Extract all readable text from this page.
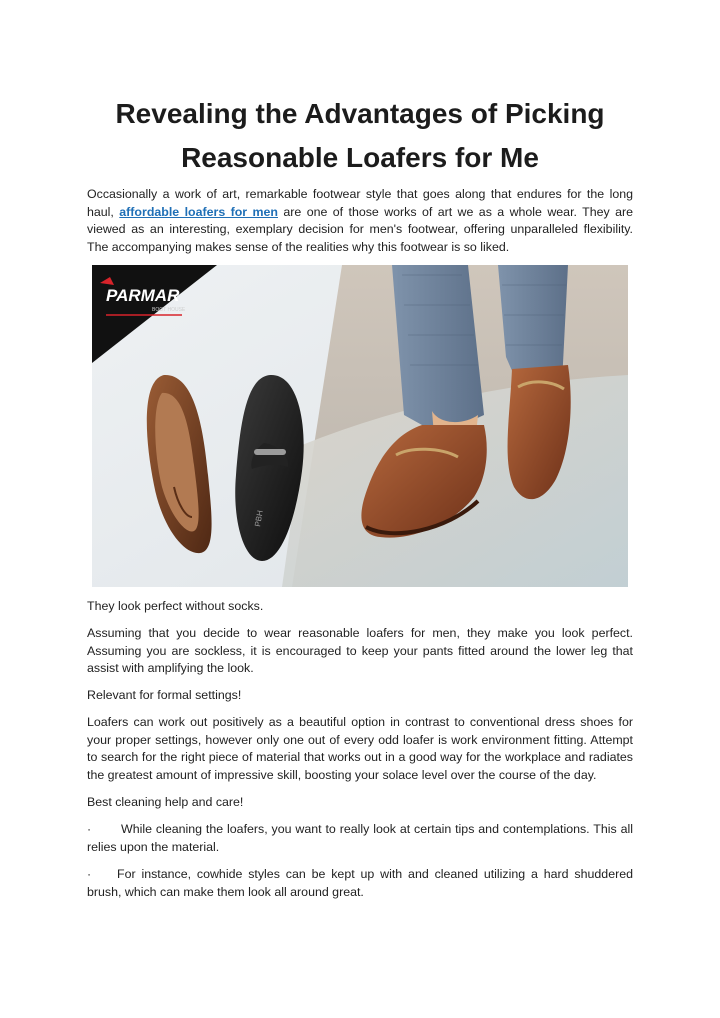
Revealing the Advantages of Picking
Reasonable Loafers for Me

Occasionally a work of art, remarkable footwear style that goes along that endures for the long haul, affordable loafers for men are one of those works of art we as a whole wear. They are viewed as an interesting, exemplary decision for men's footwear, offering unparalleled flexibility. The accompanying makes sense of the realities why this footwear is so liked.

PARMAR
BOOT HOUSE
PBH

They look perfect without socks.

Assuming that you decide to wear reasonable loafers for men, they make you look perfect. Assuming you are sockless, it is encouraged to keep your pants fitted around the lower leg that assist with amplifying the look.

Relevant for formal settings!

Loafers can work out positively as a beautiful option in contrast to conventional dress shoes for your proper settings, however only one out of every odd loafer is work environment fitting. Attempt to search for the right piece of material that works out in a good way for the workplace and radiates the greatest amount of impressive skill, boosting your solace level over the course of the day.

Best cleaning help and care!

· While cleaning the loafers, you want to really look at certain tips and contemplations. This all relies upon the material.

· For instance, cowhide styles can be kept up with and cleaned utilizing a hard shuddered brush, which can make them look all around great.
